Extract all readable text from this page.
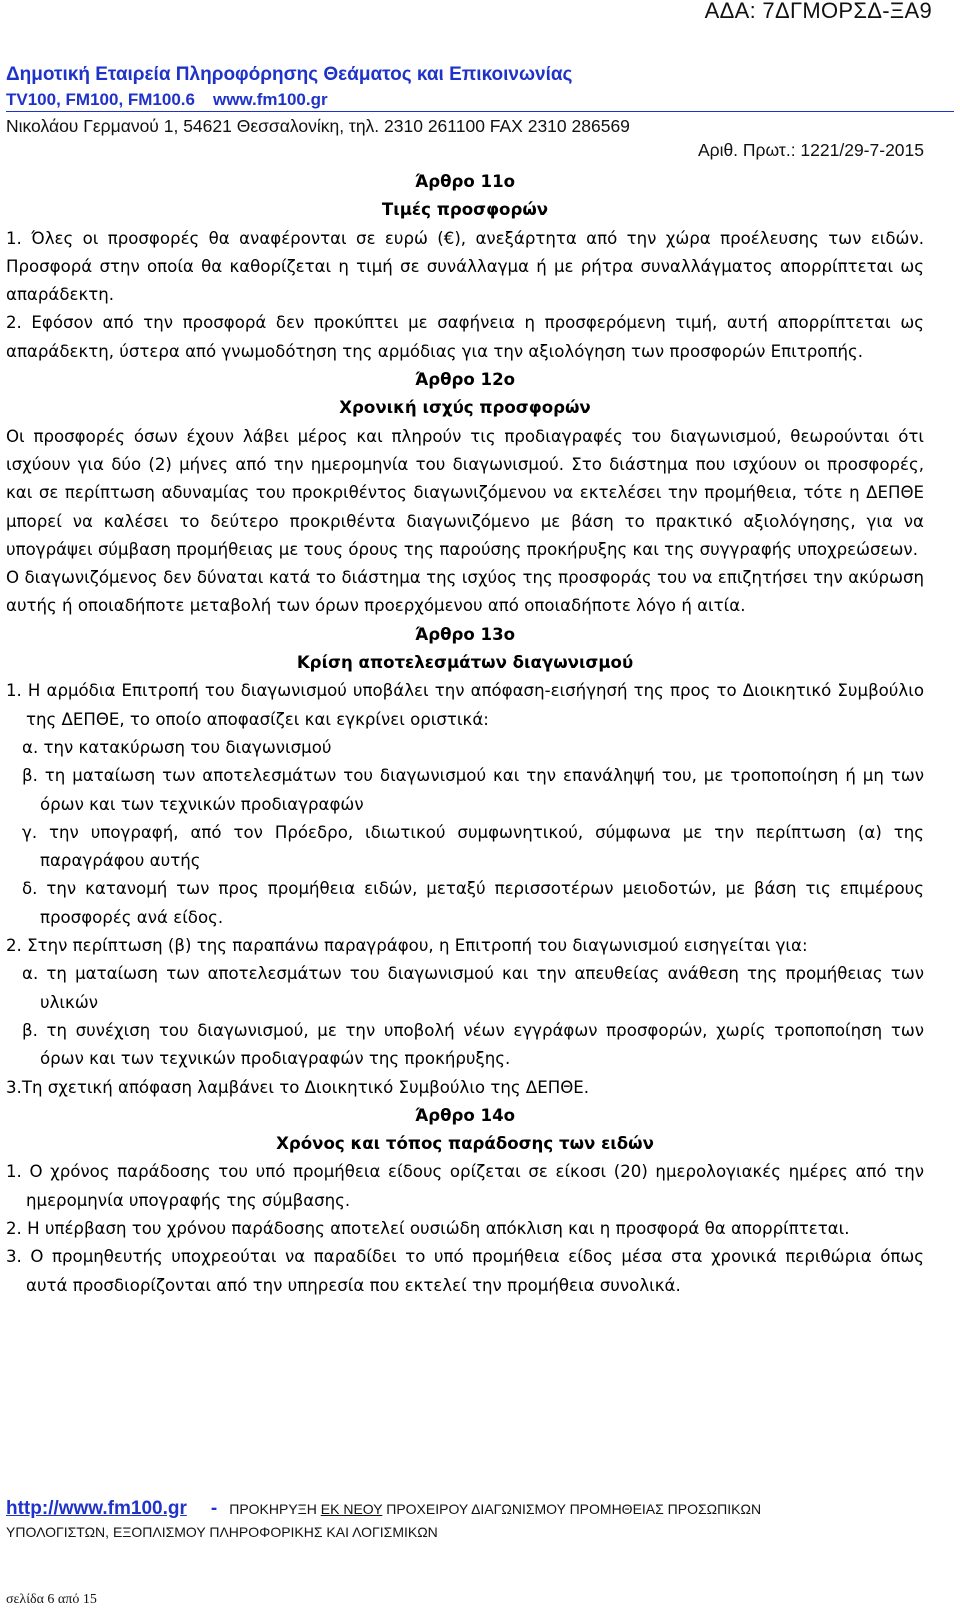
ΑΔΑ: 7ΔΓΜΟΡΣΔ-ΞΑ9
Δημοτική Εταιρεία Πληροφόρησης Θεάματος και Επικοινωνίας
TV100, FM100, FM100.6 www.fm100.gr
Νικολάου Γερμανού 1, 54621 Θεσσαλονίκη, τηλ. 2310 261100 FAX 2310 286569
Αριθ. Πρωτ.: 1221/29-7-2015

Άρθρο 11ο

Τιμές προσφορών

1. Όλες οι προσφορές θα αναφέρονται σε ευρώ (€), ανεξάρτητα από την χώρα προέλευσης των ειδών. Προσφορά στην οποία θα καθορίζεται η τιμή σε συνάλλαγμα ή με ρήτρα συναλλάγματος απορρίπτεται ως απαράδεκτη.

2. Εφόσον από την προσφορά δεν προκύπτει με σαφήνεια η προσφερόμενη τιμή, αυτή απορρίπτεται ως απαράδεκτη, ύστερα από γνωμοδότηση της αρμόδιας για την αξιολόγηση των προσφορών Επιτροπής.

Άρθρο 12ο

Χρονική ισχύς προσφορών

Οι προσφορές όσων έχουν λάβει μέρος και πληρούν τις προδιαγραφές του διαγωνισμού, θεωρούνται ότι ισχύουν για δύο (2) μήνες από την ημερομηνία του διαγωνισμού. Στο διάστημα που ισχύουν οι προσφορές, και σε περίπτωση αδυναμίας του προκριθέντος διαγωνιζόμενου να εκτελέσει την προμήθεια, τότε η ΔΕΠΘΕ μπορεί να καλέσει το δεύτερο προκριθέντα διαγωνιζόμενο με βάση το πρακτικό αξιολόγησης, για να υπογράψει σύμβαση προμήθειας με τους όρους της παρούσης προκήρυξης και της συγγραφής υποχρεώσεων.

Ο διαγωνιζόμενος δεν δύναται κατά το διάστημα της ισχύος της προσφοράς του να επιζητήσει την ακύρωση αυτής ή οποιαδήποτε μεταβολή των όρων προερχόμενου από οποιαδήποτε λόγο ή αιτία.

Άρθρο 13ο

Κρίση αποτελεσμάτων διαγωνισμού

1. Η αρμόδια Επιτροπή του διαγωνισμού υποβάλει την απόφαση-εισήγησή της προς το Διοικητικό Συμβούλιο της ΔΕΠΘΕ, το οποίο αποφασίζει και εγκρίνει οριστικά:

α. την κατακύρωση του διαγωνισμού

β. τη ματαίωση των αποτελεσμάτων του διαγωνισμού και την επανάληψή του, με τροποποίηση ή μη των όρων και των τεχνικών προδιαγραφών

γ. την υπογραφή, από τον Πρόεδρο, ιδιωτικού συμφωνητικού, σύμφωνα με την περίπτωση (α) της παραγράφου αυτής

δ. την κατανομή των προς προμήθεια ειδών, μεταξύ περισσοτέρων μειοδοτών, με βάση τις επιμέρους προσφορές ανά είδος.

2. Στην περίπτωση (β) της παραπάνω παραγράφου, η Επιτροπή του διαγωνισμού εισηγείται για:

α. τη ματαίωση των αποτελεσμάτων του διαγωνισμού και την απευθείας ανάθεση της προμήθειας των υλικών

β. τη συνέχιση του διαγωνισμού, με την υποβολή νέων εγγράφων προσφορών, χωρίς τροποποίηση των όρων και των τεχνικών προδιαγραφών της προκήρυξης.

3.Τη σχετική απόφαση λαμβάνει το Διοικητικό Συμβούλιο της ΔΕΠΘΕ.

Άρθρο 14ο

Χρόνος και τόπος παράδοσης των ειδών

1. Ο χρόνος παράδοσης του υπό προμήθεια είδους ορίζεται σε είκοσι (20) ημερολογιακές ημέρες από την ημερομηνία υπογραφής της σύμβασης.

2. Η υπέρβαση του χρόνου παράδοσης αποτελεί ουσιώδη απόκλιση και η προσφορά θα απορρίπτεται.

3. Ο προμηθευτής υποχρεούται να παραδίδει το υπό προμήθεια είδος μέσα στα χρονικά περιθώρια όπως αυτά προσδιορίζονται από την υπηρεσία που εκτελεί την προμήθεια συνολικά.

http://www.fm100.gr - ΠΡΟΚΗΡΥΞΗ ΕΚ ΝΕΟΥ ΠΡΟΧΕΙΡΟΥ ΔΙΑΓΩΝΙΣΜΟΥ ΠΡΟΜΗΘΕΙΑΣ ΠΡΟΣΩΠΙΚΩΝ
ΥΠΟΛΟΓΙΣΤΩΝ, ΕΞΟΠΛΙΣΜΟΥ ΠΛΗΡΟΦΟΡΙΚΗΣ ΚΑΙ ΛΟΓΙΣΜΙΚΩΝ
σελίδα 6 από 15
